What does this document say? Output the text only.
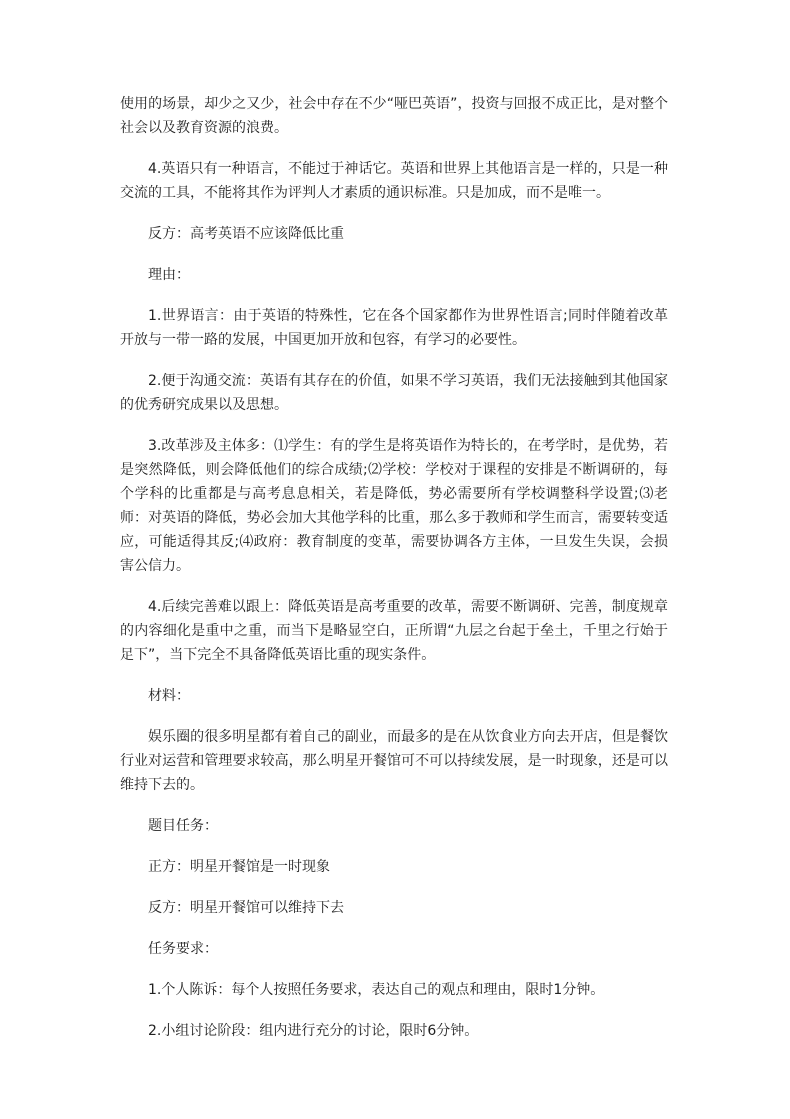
使用的场景，却少之又少，社会中存在不少“哑巴英语”，投资与回报不成正比，是对整个社会以及教育资源的浪费。

4.英语只有一种语言，不能过于神话它。英语和世界上其他语言是一样的，只是一种交流的工具，不能将其作为评判人才素质的通识标准。只是加成，而不是唯一。

反方：高考英语不应该降低比重

理由：

1.世界语言：由于英语的特殊性，它在各个国家都作为世界性语言;同时伴随着改革开放与一带一路的发展，中国更加开放和包容，有学习的必要性。

2.便于沟通交流：英语有其存在的价值，如果不学习英语，我们无法接触到其他国家的优秀研究成果以及思想。

3.改革涉及主体多：⑴学生：有的学生是将英语作为特长的，在考学时，是优势，若是突然降低，则会降低他们的综合成绩;⑵学校：学校对于课程的安排是不断调研的，每个学科的比重都是与高考息息相关，若是降低，势必需要所有学校调整科学设置;⑶老师：对英语的降低，势必会加大其他学科的比重，那么多于教师和学生而言，需要转变适应，可能适得其反;⑷政府：教育制度的变革，需要协调各方主体，一旦发生失误，会损害公信力。

4.后续完善难以跟上：降低英语是高考重要的改革，需要不断调研、完善，制度规章的内容细化是重中之重，而当下是略显空白，正所谓“九层之台起于垒土，千里之行始于足下”，当下完全不具备降低英语比重的现实条件。

材料：

娱乐圈的很多明星都有着自己的副业，而最多的是在从饮食业方向去开店，但是餐饮行业对运营和管理要求较高，那么明星开餐馆可不可以持续发展，是一时现象，还是可以维持下去的。

题目任务：

正方：明星开餐馆是一时现象

反方：明星开餐馆可以维持下去

任务要求：

1.个人陈诉：每个人按照任务要求，表达自己的观点和理由，限时1分钟。

2.小组讨论阶段：组内进行充分的讨论，限时6分钟。
